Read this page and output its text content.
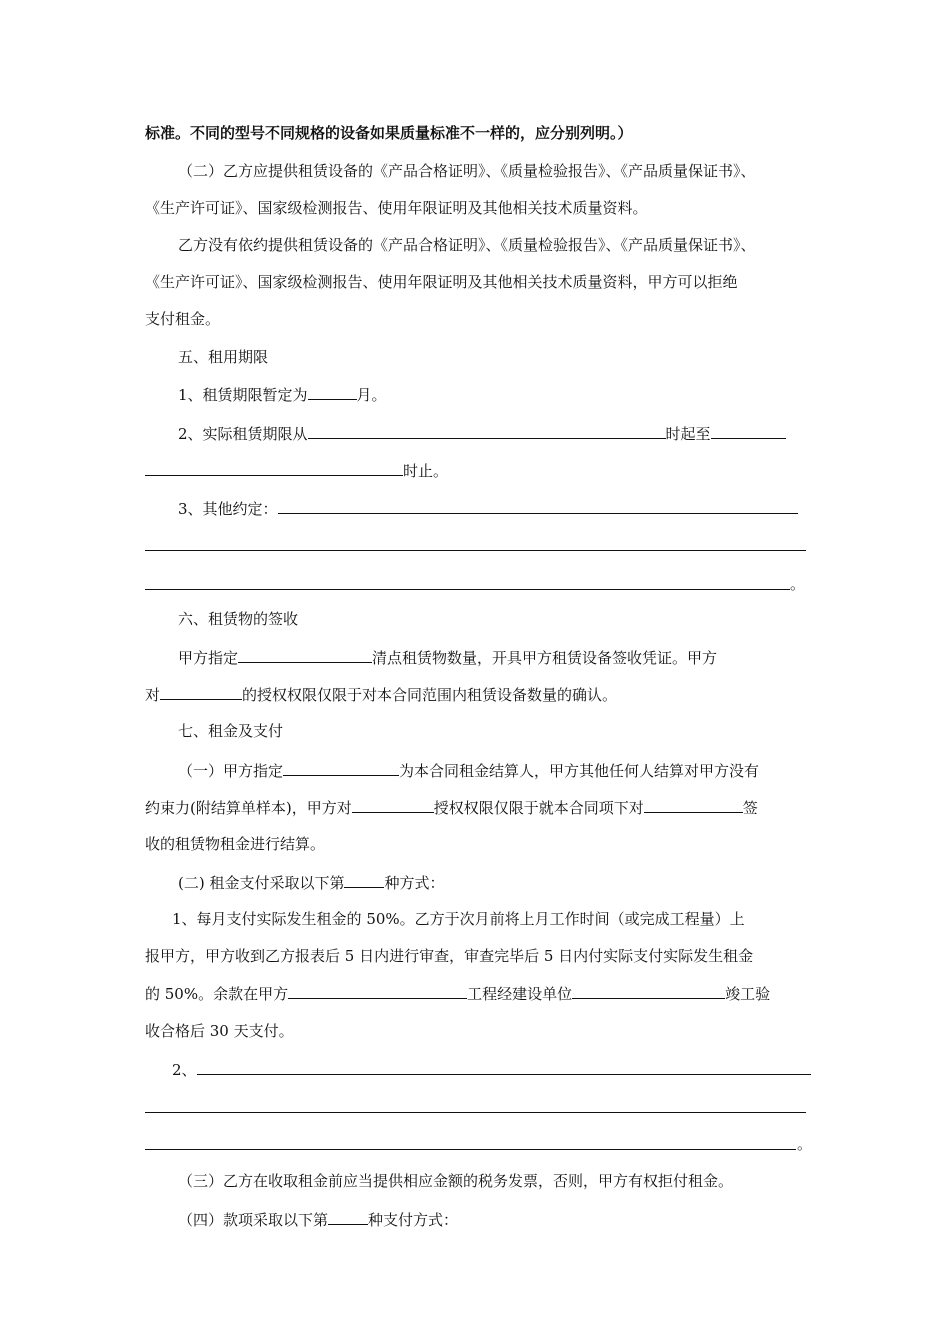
标准。不同的型号不同规格的设备如果质量标准不一样的，应分别列明。）
（二）乙方应提供租赁设备的《产品合格证明》、《质量检验报告》、《产品质量保证书》、
《生产许可证》、国家级检测报告、使用年限证明及其他相关技术质量资料。
乙方没有依约提供租赁设备的《产品合格证明》、《质量检验报告》、《产品质量保证书》、
《生产许可证》、国家级检测报告、使用年限证明及其他相关技术质量资料，甲方可以拒绝
支付租金。
五、租用期限
1、租赁期限暂定为	月。
2、实际租赁期限从	时起至
时止。
3、其他约定：
。
六、租赁物的签收
甲方指定	清点租赁物数量，开具甲方租赁设备签收凭证。甲方
对	的授权权限仅限于对本合同范围内租赁设备数量的确认。
七、租金及支付
（一）甲方指定	为本合同租金结算人，甲方其他任何人结算对甲方没有
约束力(附结算单样本)，甲方对	授权权限仅限于就本合同项下对	签
收的租赁物租金进行结算。
(二) 租金支付采取以下第	种方式：
1、每月支付实际发生租金的 50%。乙方于次月前将上月工作时间（或完成工程量）上
报甲方，甲方收到乙方报表后 5 日内进行审查，审查完毕后 5 日内付实际支付实际发生租金
的 50%。余款在甲方	工程经建设单位	竣工验
收合格后 30 天支付。
2、
。
（三）乙方在收取租金前应当提供相应金额的税务发票，否则，甲方有权拒付租金。
（四）款项采取以下第	种支付方式：
